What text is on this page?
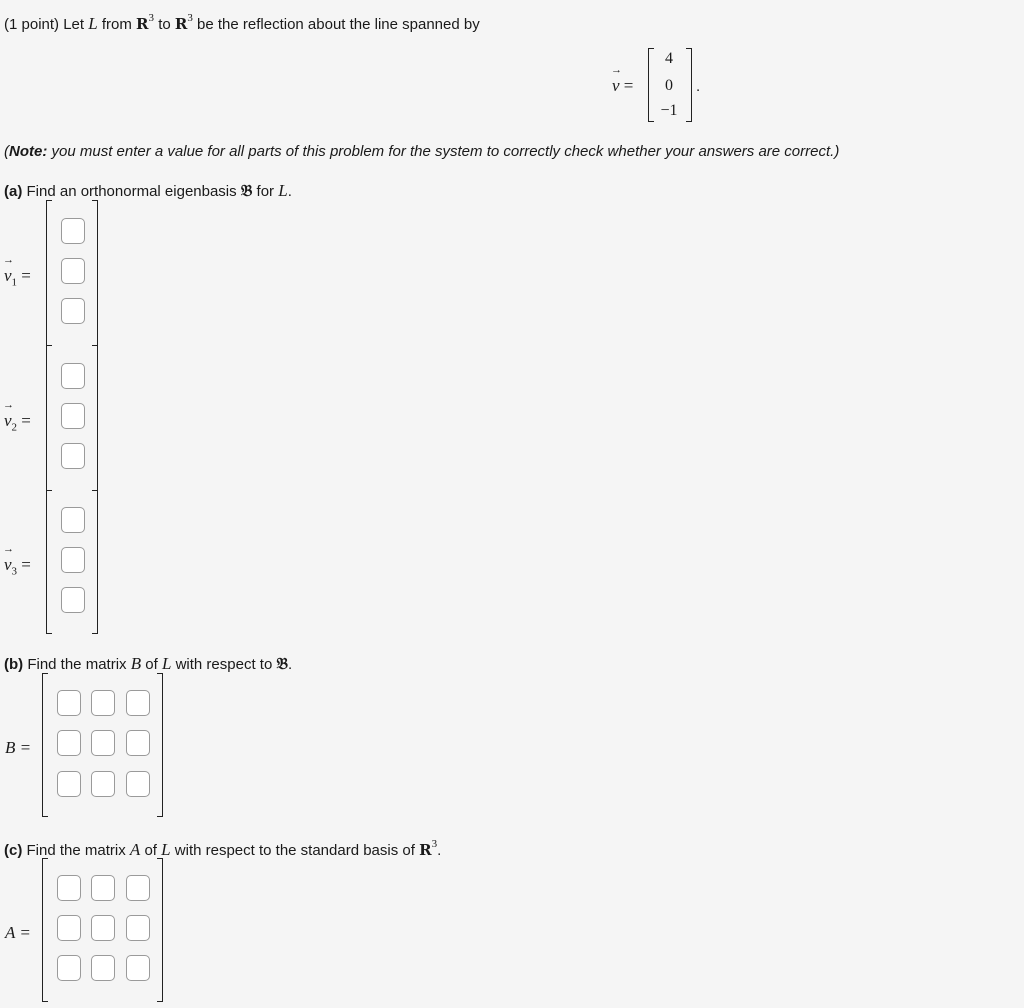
(1 point) Let L from $R^3$ to $R^3$ be the reflection about the line spanned by
→ v =
4
0
−1
.
(Note: you must enter a value for all parts of this problem for the system to correctly check whether your answers are correct.)
(a) Find an orthonormal eigenbasis 𝔅 for L.
→ $v_1$ =
→ $v_2$ =
→ $v_3$ =
(b) Find the matrix B of L with respect to 𝔅.
B =
(c) Find the matrix A of L with respect to the standard basis of $R^3$.
A =
